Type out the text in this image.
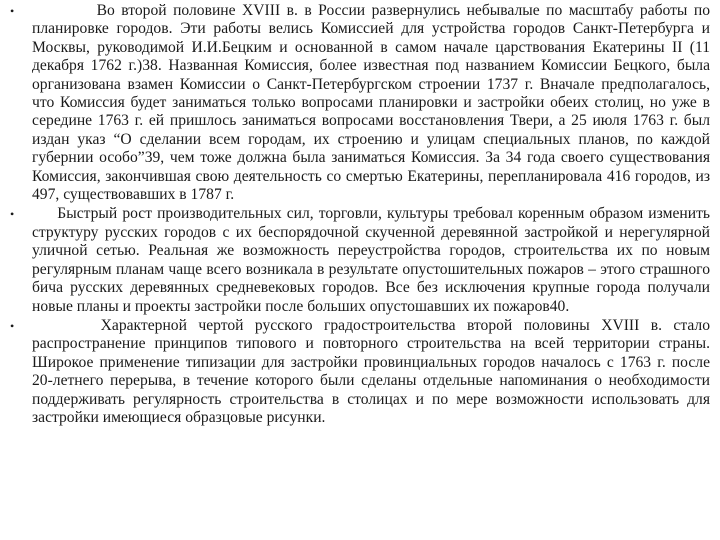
•	Во второй половине XVIII в. в России развернулись небывалые по масштабу работы по планировке городов. Эти работы велись Комиссией для устройства городов Санкт-Петербурга и Москвы, руководимой И.И.Бецким и основанной в самом начале царствования Екатерины II (11 декабря 1762 г.)38. Названная Комиссия, более известная под названием Комиссии Бецкого, была организована взамен Комиссии о Санкт-Петербургском строении 1737 г. Вначале предполагалось, что Комиссия будет заниматься только вопросами планировки и застройки обеих столиц, но уже в середине 1763 г. ей пришлось заниматься вопросами восстановления Твери, а 25 июля 1763 г. был издан указ “О сделании всем городам, их строению и улицам специальных планов, по каждой губернии особо”39, чем тоже должна была заниматься Комиссия. За 34 года своего существования Комиссия, закончившая свою деятельность со смертью Екатерины, перепланировала 416 городов, из 497, существовавших в 1787 г.
•	Быстрый рост производительных сил, торговли, культуры требовал коренным образом изменить структуру русских городов с их беспорядочной скученной деревянной застройкой и нерегулярной уличной сетью. Реальная же возможность переустройства городов, строительства их по новым регулярным планам чаще всего возникала в результате опустошительных пожаров – этого страшного бича русских деревянных средневековых городов. Все без исключения крупные города получали новые планы и проекты застройки после больших опустошавших их пожаров40.
•	Характерной чертой русского градостроительства второй половины XVIII в. стало распространение принципов типового и повторного строительства на всей территории страны. Широкое применение типизации для застройки провинциальных городов началось с 1763 г. после 20-летнего перерыва, в течение которого были сделаны отдельные напоминания о необходимости поддерживать регулярность строительства в столицах и по мере возможности использовать для застройки имеющиеся образцовые рисунки.
